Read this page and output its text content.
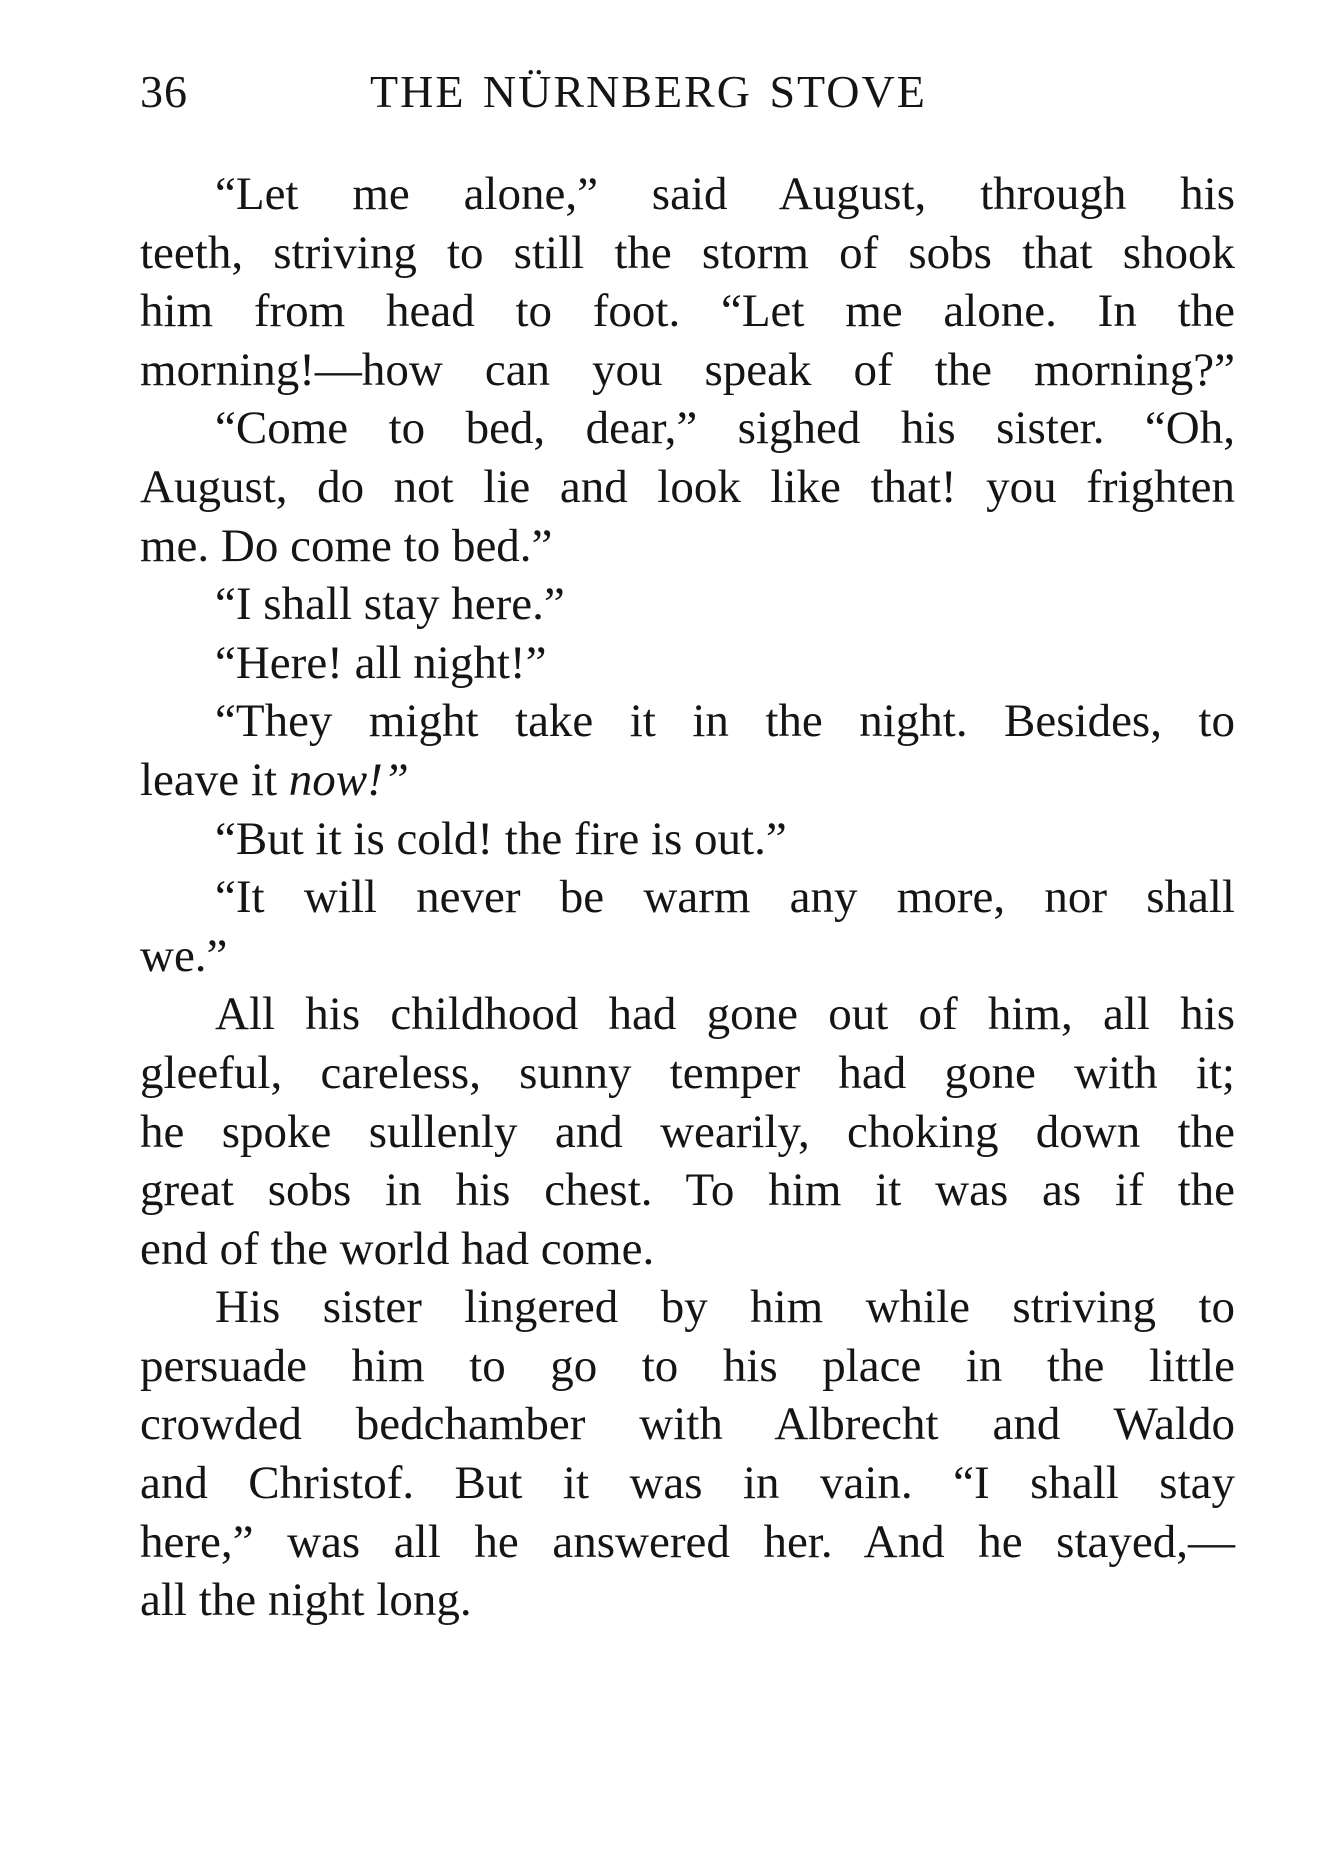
36	THE NÜRNBERG STOVE
“Let me alone,” said August, through his
teeth, striving to still the storm of sobs that shook
him from head to foot. “Let me alone. In the
morning!—how can you speak of the morning?”
“Come to bed, dear,” sighed his sister. “Oh,
August, do not lie and look like that! you frighten
me. Do come to bed.”
“I shall stay here.”
“Here! all night!”
“They might take it in the night. Besides, to
leave it now!”
“But it is cold! the fire is out.”
“It will never be warm any more, nor shall
we.”
All his childhood had gone out of him, all his
gleeful, careless, sunny temper had gone with it;
he spoke sullenly and wearily, choking down the
great sobs in his chest. To him it was as if the
end of the world had come.
His sister lingered by him while striving to
persuade him to go to his place in the little
crowded bedchamber with Albrecht and Waldo
and Christof. But it was in vain. “I shall stay
here,” was all he answered her. And he stayed,—
all the night long.
